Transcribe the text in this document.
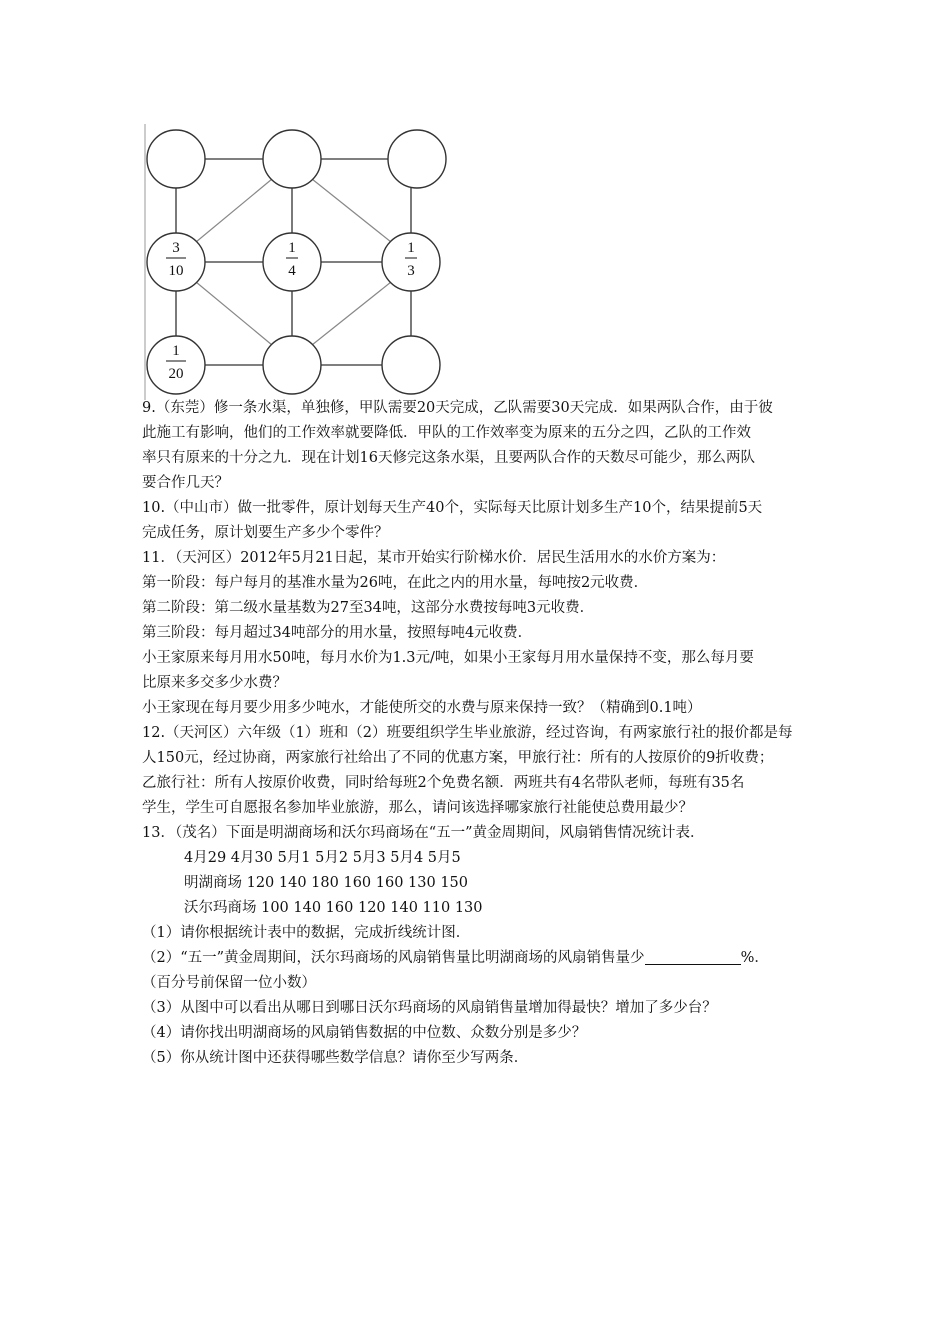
3
10
1
4
1
3
1
20

9.（东莞）修一条水渠，单独修，甲队需要20天完成，乙队需要30天完成．如果两队合作，由于彼

此施工有影响，他们的工作效率就要降低．甲队的工作效率变为原来的五分之四，乙队的工作效

率只有原来的十分之九．现在计划16天修完这条水渠，且要两队合作的天数尽可能少，那么两队

要合作几天？

10.（中山市）做一批零件，原计划每天生产40个，实际每天比原计划多生产10个，结果提前5天

完成任务，原计划要生产多少个零件？

11．（天河区）2012年5月21日起，某市开始实行阶梯水价．居民生活用水的水价方案为：

第一阶段：每户每月的基准水量为26吨，在此之内的用水量，每吨按2元收费．

第二阶段：第二级水量基数为27至34吨，这部分水费按每吨3元收费．

第三阶段：每月超过34吨部分的用水量，按照每吨4元收费．

小王家原来每月用水50吨，每月水价为1.3元/吨，如果小王家每月用水量保持不变，那么每月要

比原来多交多少水费？

小王家现在每月要少用多少吨水，才能使所交的水费与原来保持一致？（精确到0.1吨）

12.（天河区）六年级（1）班和（2）班要组织学生毕业旅游，经过咨询，有两家旅行社的报价都是每

人150元，经过协商，两家旅行社给出了不同的优惠方案，甲旅行社：所有的人按原价的9折收费；

乙旅行社：所有人按原价收费，同时给每班2个免费名额．两班共有4名带队老师，每班有35名

学生，学生可自愿报名参加毕业旅游，那么，请问该选择哪家旅行社能使总费用最少？

13．（茂名）下面是明湖商场和沃尔玛商场在“五一”黄金周期间，风扇销售情况统计表．

4月29 4月30 5月1 5月2 5月3 5月4 5月5

明湖商场 120 140 180 160 160 130 150

沃尔玛商场 100 140 160 120 140 110 130

（1）请你根据统计表中的数据，完成折线统计图．

（2）“五一”黄金周期间，沃尔玛商场的风扇销售量比明湖商场的风扇销售量少	%．

（百分号前保留一位小数）

（3）从图中可以看出从哪日到哪日沃尔玛商场的风扇销售量增加得最快？增加了多少台？

（4）请你找出明湖商场的风扇销售数据的中位数、众数分别是多少？

（5）你从统计图中还获得哪些数学信息？请你至少写两条．
